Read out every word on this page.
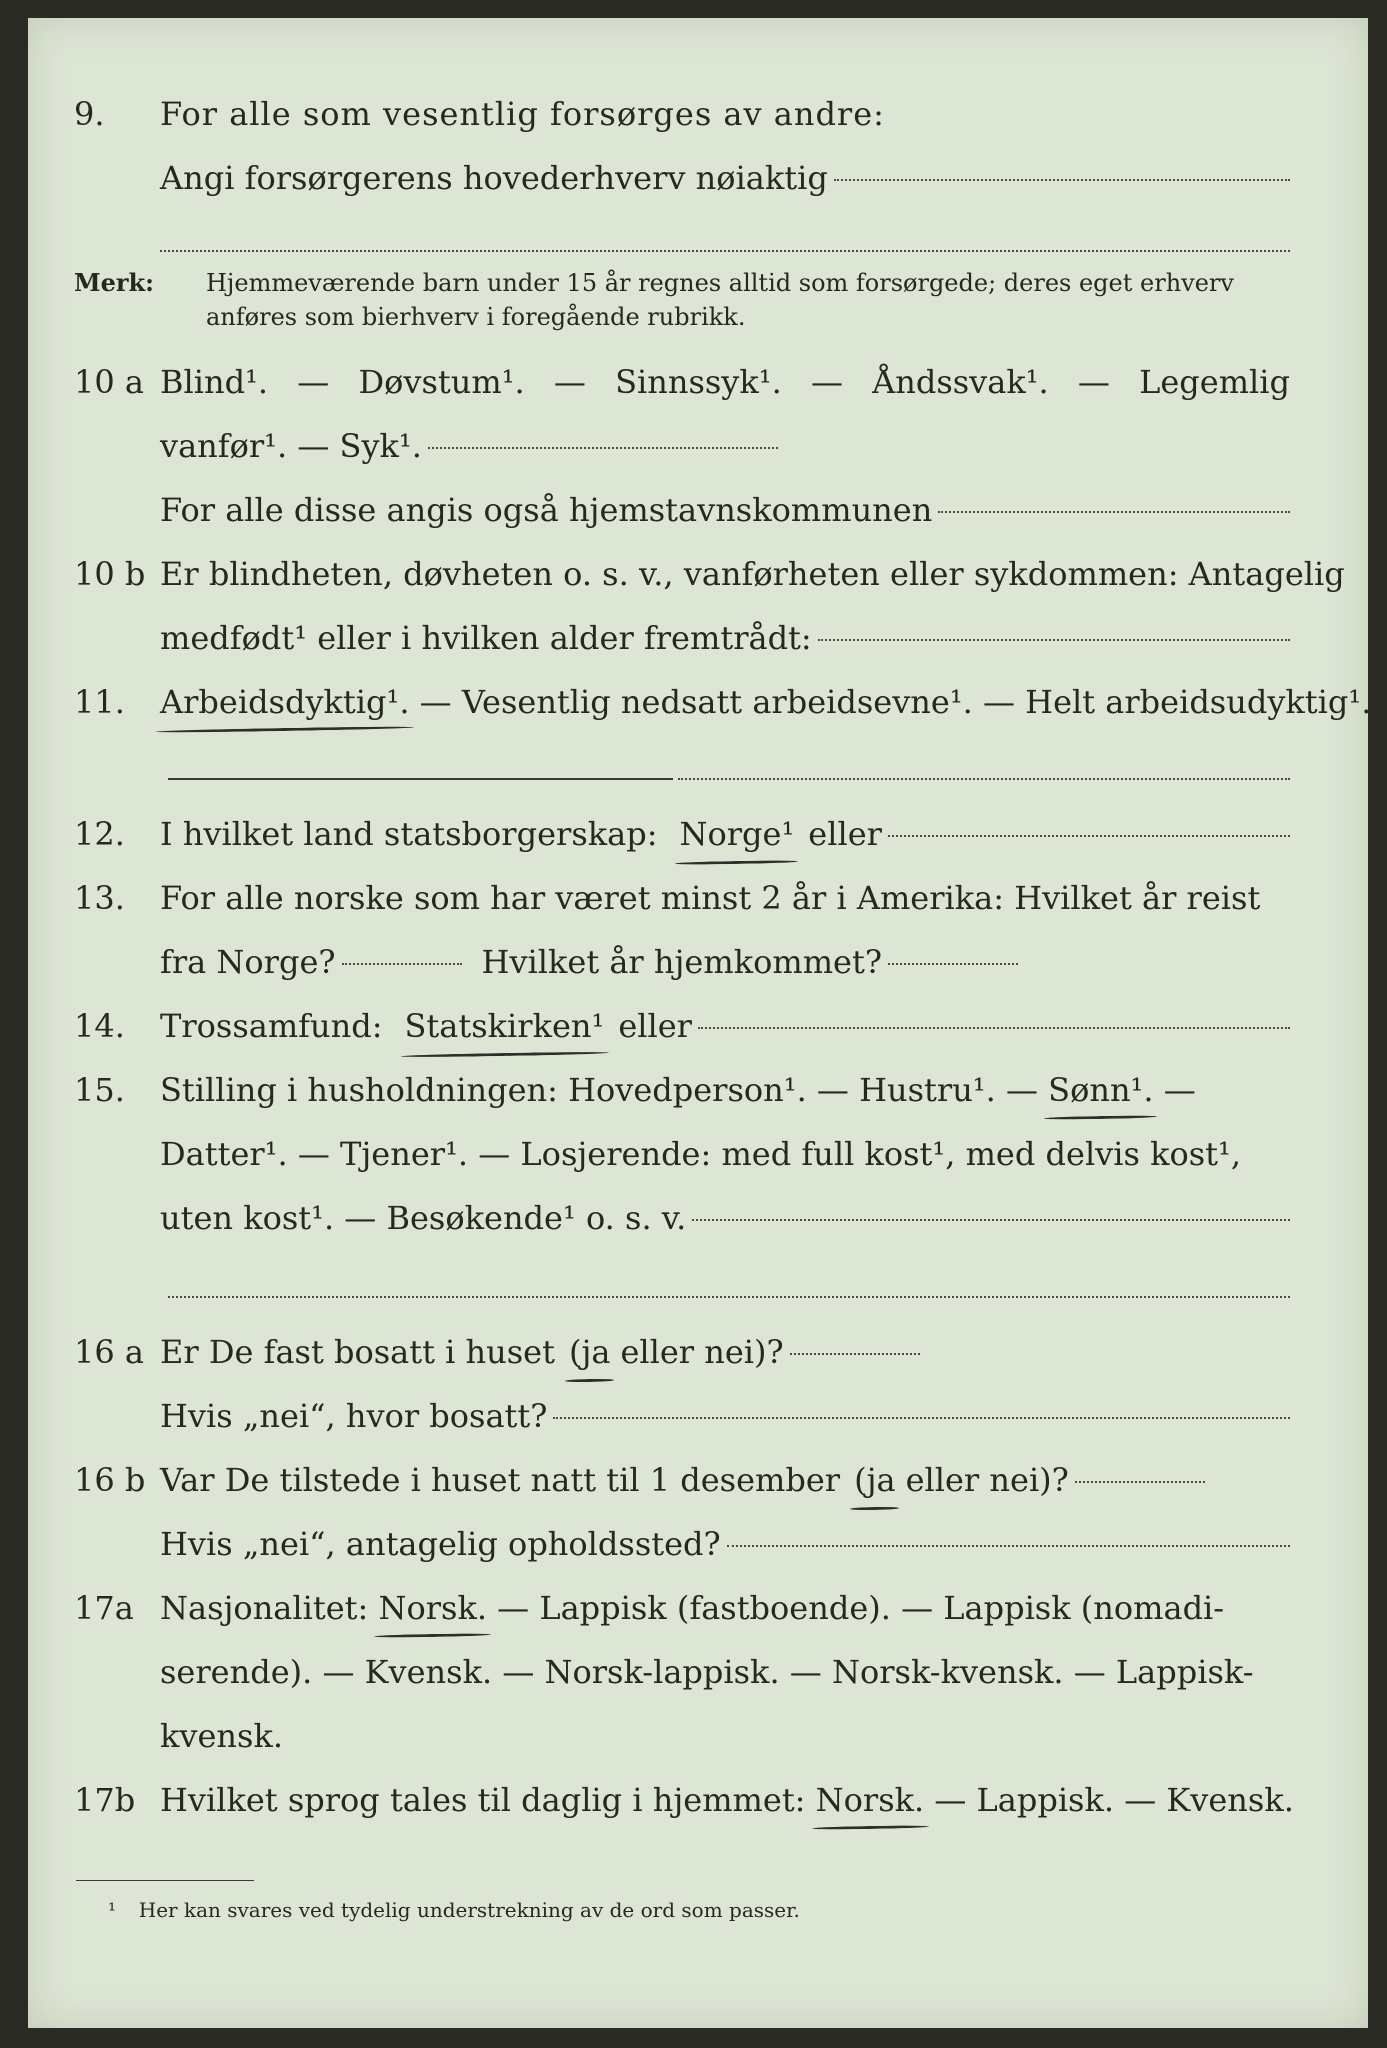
9.	For alle som vesentlig forsørges av andre:
Angi forsørgerens hovederhverv nøiaktig
Merk: Hjemmeværende barn under 15 år regnes alltid som forsørgede; deres eget erhverv
anføres som bierhverv i foregående rubrikk.
10 a Blind¹. — Døvstum¹. — Sinnssyk¹. — Åndssvak¹. — Legemlig
vanfør¹. — Syk¹.
For alle disse angis også hjemstavnskommunen
10 b Er blindheten, døvheten o. s. v., vanførheten eller sykdommen: Antagelig
medfødt¹ eller i hvilken alder fremtrådt:
11.	Arbeidsdyktig¹. — Vesentlig nedsatt arbeidsevne¹. — Helt arbeidsudyktig¹.
12.	I hvilket land statsborgerskap: Norge¹ eller
13.	For alle norske som har været minst 2 år i Amerika: Hvilket år reist
fra Norge?	Hvilket år hjemkommet?
14.	Trossamfund: Statskirken¹ eller
15.	Stilling i husholdningen: Hovedperson¹. — Hustru¹. — Sønn¹. —
Datter¹. — Tjener¹. — Losjerende: med full kost¹, med delvis kost¹,
uten kost¹. — Besøkende¹ o. s. v.
16 a Er De fast bosatt i huset (ja eller nei)?
Hvis „nei“, hvor bosatt?
16 b Var De tilstede i huset natt til 1 desember (ja eller nei)?
Hvis „nei“, antagelig opholdssted?
17a Nasjonalitet: Norsk. — Lappisk (fastboende). — Lappisk (nomadi-
serende). — Kvensk. — Norsk-lappisk. — Norsk-kvensk. — Lappisk-
kvensk.
17b Hvilket sprog tales til daglig i hjemmet: Norsk. — Lappisk. — Kvensk.
¹ Her kan svares ved tydelig understrekning av de ord som passer.
